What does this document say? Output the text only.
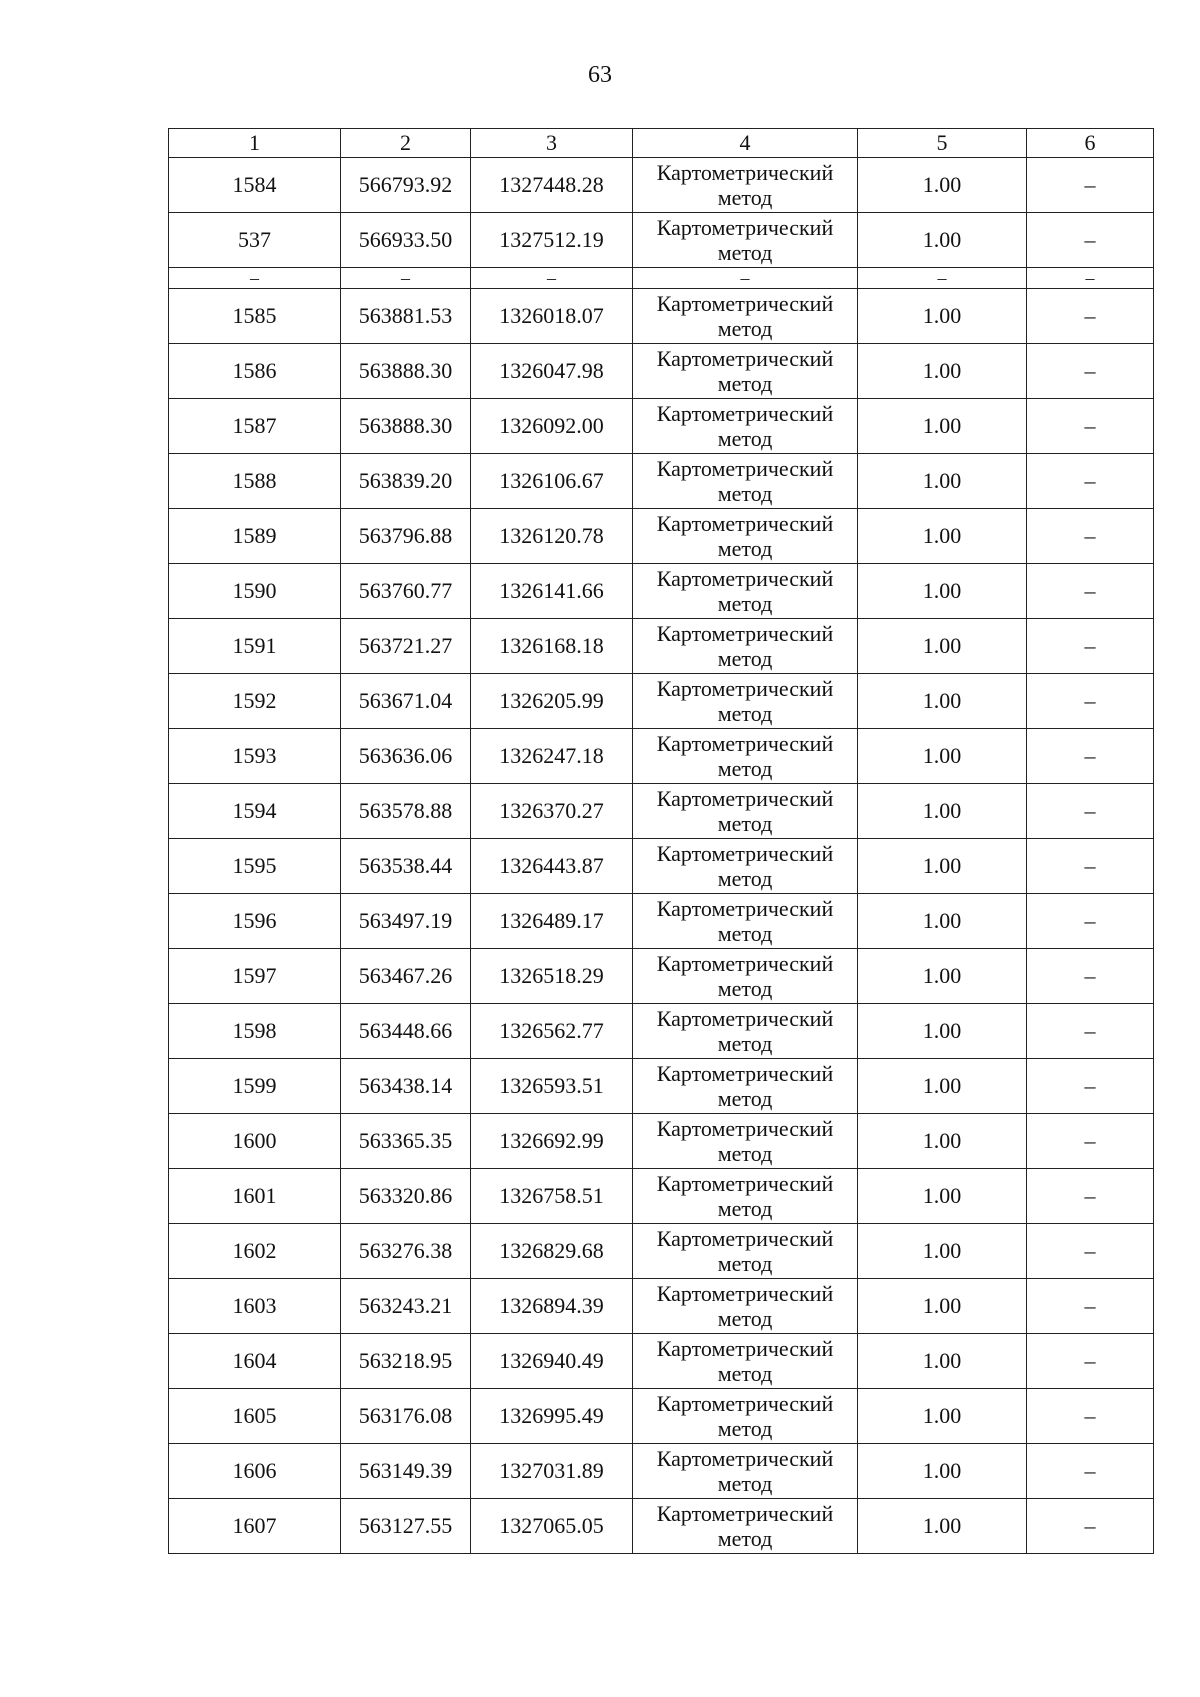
63
1	2	3	4	5	6
1584	566793.92	1327448.28	Картометрический метод	1.00	–
537	566933.50	1327512.19	Картометрический метод	1.00	–
–	–	–	–	–	–
1585	563881.53	1326018.07	Картометрический метод	1.00	–
1586	563888.30	1326047.98	Картометрический метод	1.00	–
1587	563888.30	1326092.00	Картометрический метод	1.00	–
1588	563839.20	1326106.67	Картометрический метод	1.00	–
1589	563796.88	1326120.78	Картометрический метод	1.00	–
1590	563760.77	1326141.66	Картометрический метод	1.00	–
1591	563721.27	1326168.18	Картометрический метод	1.00	–
1592	563671.04	1326205.99	Картометрический метод	1.00	–
1593	563636.06	1326247.18	Картометрический метод	1.00	–
1594	563578.88	1326370.27	Картометрический метод	1.00	–
1595	563538.44	1326443.87	Картометрический метод	1.00	–
1596	563497.19	1326489.17	Картометрический метод	1.00	–
1597	563467.26	1326518.29	Картометрический метод	1.00	–
1598	563448.66	1326562.77	Картометрический метод	1.00	–
1599	563438.14	1326593.51	Картометрический метод	1.00	–
1600	563365.35	1326692.99	Картометрический метод	1.00	–
1601	563320.86	1326758.51	Картометрический метод	1.00	–
1602	563276.38	1326829.68	Картометрический метод	1.00	–
1603	563243.21	1326894.39	Картометрический метод	1.00	–
1604	563218.95	1326940.49	Картометрический метод	1.00	–
1605	563176.08	1326995.49	Картометрический метод	1.00	–
1606	563149.39	1327031.89	Картометрический метод	1.00	–
1607	563127.55	1327065.05	Картометрический метод	1.00	–
